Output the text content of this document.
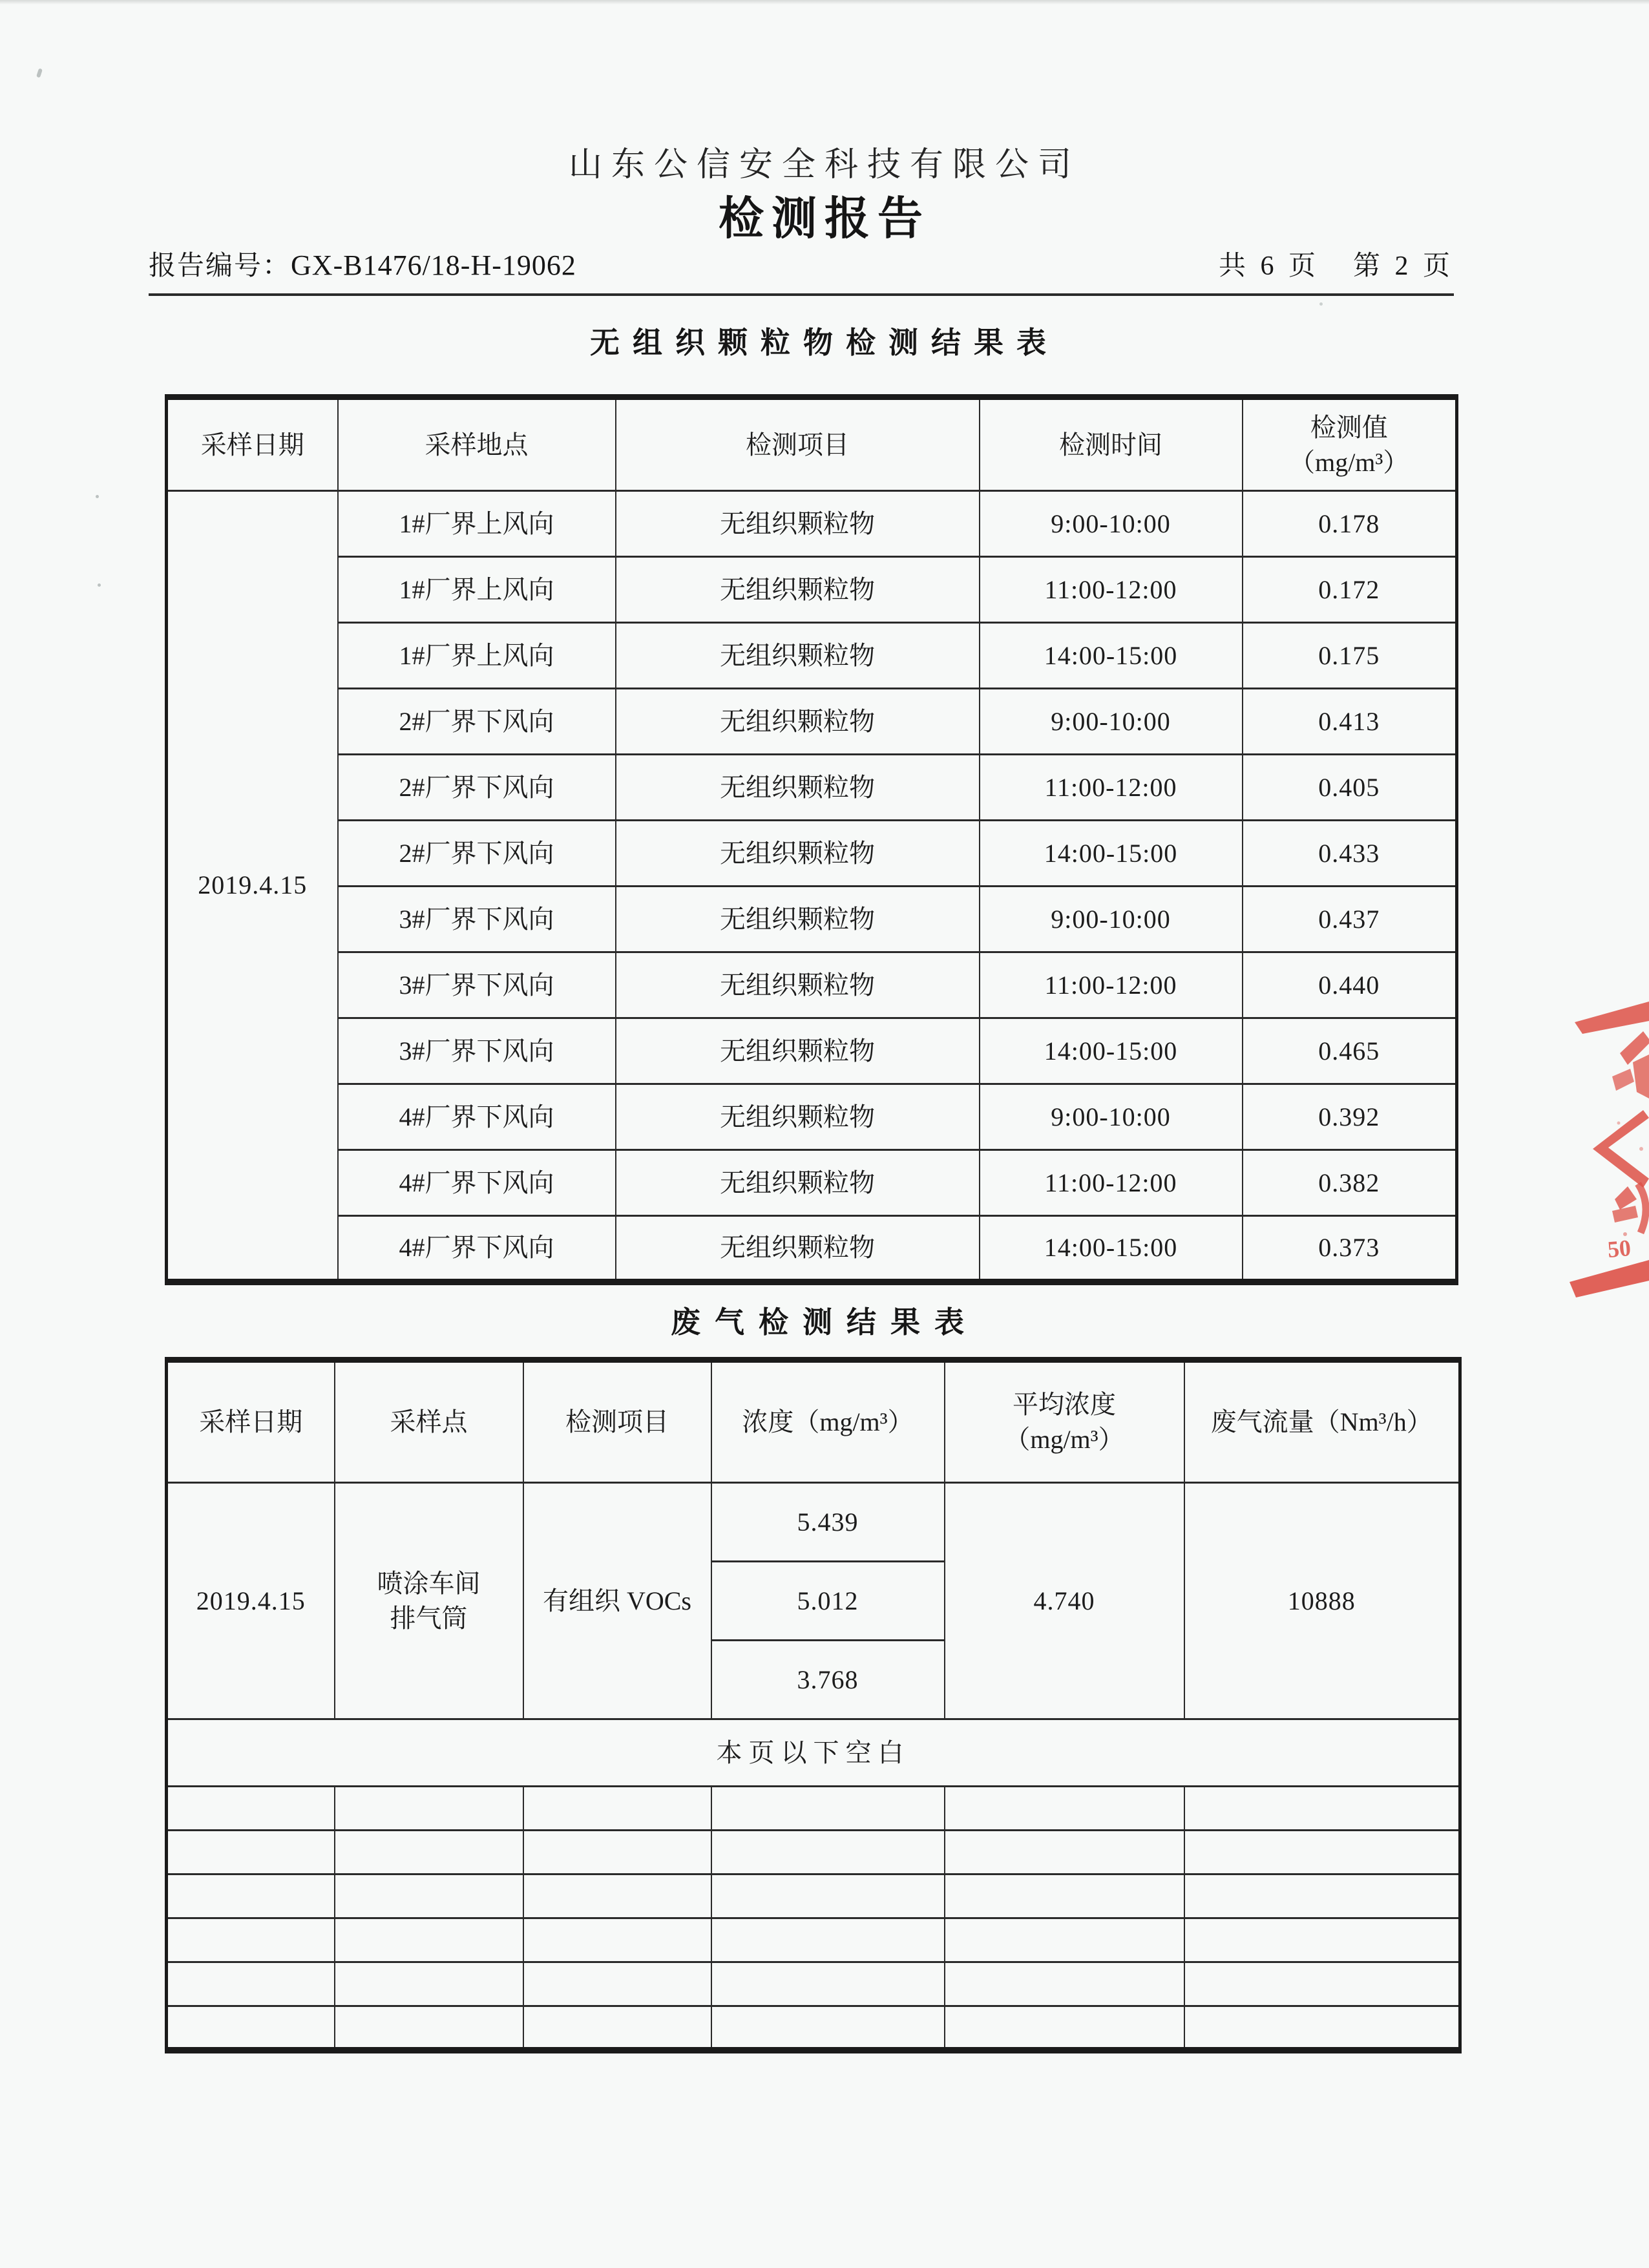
山东公信安全科技有限公司
检测报告
报告编号：GX-B1476/18-H-19062	共 6 页 第 2 页
无组织颗粒物检测结果表
采样日期	采样地点	检测项目	检测时间	检测值
（mg/m³）

2019.4.15	1#厂界上风向	无组织颗粒物	9:00-10:00	0.178
	1#厂界上风向	无组织颗粒物	11:00-12:00	0.172
	1#厂界上风向	无组织颗粒物	14:00-15:00	0.175
	2#厂界下风向	无组织颗粒物	9:00-10:00	0.413
	2#厂界下风向	无组织颗粒物	11:00-12:00	0.405
	2#厂界下风向	无组织颗粒物	14:00-15:00	0.433
	3#厂界下风向	无组织颗粒物	9:00-10:00	0.437
	3#厂界下风向	无组织颗粒物	11:00-12:00	0.440
	3#厂界下风向	无组织颗粒物	14:00-15:00	0.465
	4#厂界下风向	无组织颗粒物	9:00-10:00	0.392
	4#厂界下风向	无组织颗粒物	11:00-12:00	0.382
	4#厂界下风向	无组织颗粒物	14:00-15:00	0.373
废气检测结果表
采样日期	采样点	检测项目	浓度（mg/m³）	平均浓度
（mg/m³）	废气流量（Nm³/h）
2019.4.15	喷涂车间
排气筒	有组织 VOCs	5.439	4.740	10888
			5.012		
			3.768		
本页以下空白					

50
